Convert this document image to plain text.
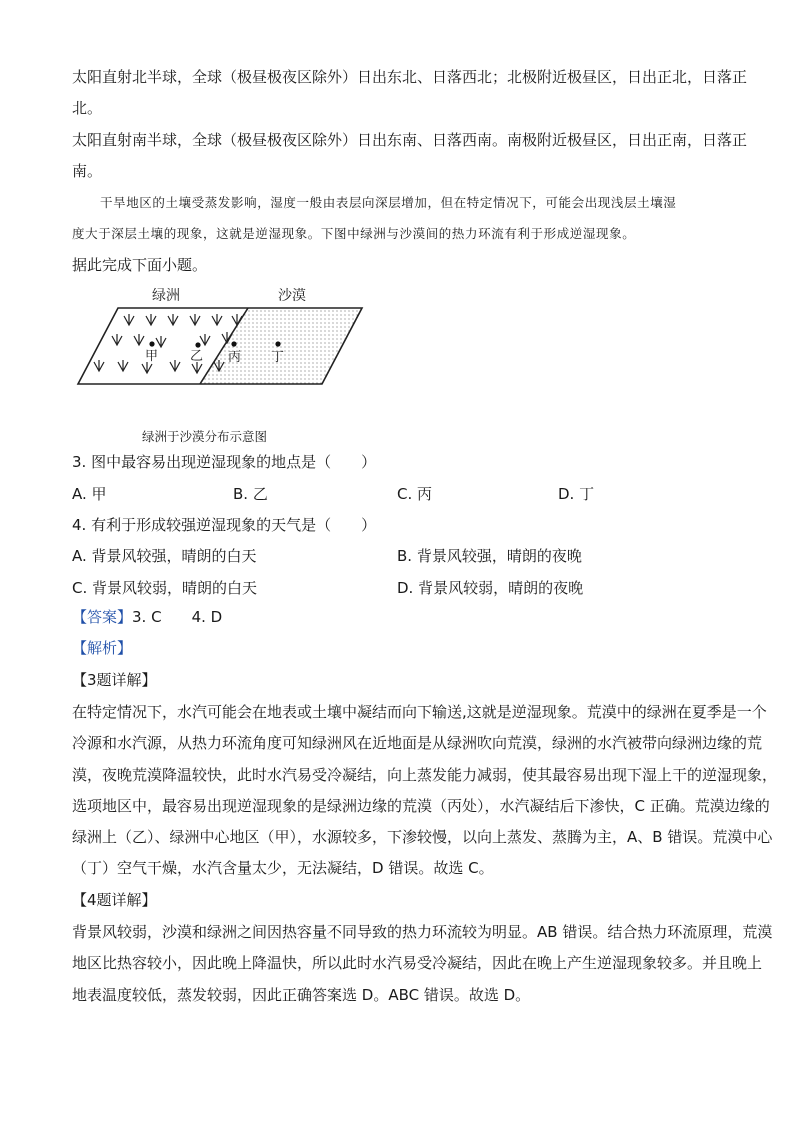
太阳直射北半球，全球（极昼极夜区除外）日出东北、日落西北；北极附近极昼区，日出正北，日落正
北。
太阳直射南半球，全球（极昼极夜区除外）日出东南、日落西南。南极附近极昼区，日出正南，日落正
南。
干旱地区的土壤受蒸发影响，湿度一般由表层向深层增加，但在特定情况下，可能会出现浅层土壤湿
度大于深层土壤的现象，这就是逆湿现象。下图中绿洲与沙漠间的热力环流有利于形成逆湿现象。
据此完成下面小题。
绿洲	沙漠
甲 乙 丙 丁
绿洲于沙漠分布示意图
3. 图中最容易出现逆湿现象的地点是（　　）
A. 甲	B. 乙	C. 丙	D. 丁
4. 有利于形成较强逆湿现象的天气是（　　）
A. 背景风较强，晴朗的白天	B. 背景风较强，晴朗的夜晚
C. 背景风较弱，晴朗的白天	D. 背景风较弱，晴朗的夜晚
【答案】3. C　　4. D
【解析】
【3题详解】
在特定情况下，水汽可能会在地表或土壤中凝结而向下输送,这就是逆湿现象。荒漠中的绿洲在夏季是一个
冷源和水汽源，从热力环流角度可知绿洲风在近地面是从绿洲吹向荒漠，绿洲的水汽被带向绿洲边缘的荒
漠，夜晚荒漠降温较快，此时水汽易受冷凝结，向上蒸发能力减弱，使其最容易出现下湿上干的逆湿现象，
选项地区中，最容易出现逆湿现象的是绿洲边缘的荒漠（丙处），水汽凝结后下渗快，C 正确。荒漠边缘的
绿洲上（乙）、绿洲中心地区（甲），水源较多，下渗较慢，以向上蒸发、蒸腾为主，A、B 错误。荒漠中心
（丁）空气干燥，水汽含量太少，无法凝结，D 错误。故选 C。
【4题详解】
背景风较弱，沙漠和绿洲之间因热容量不同导致的热力环流较为明显。AB 错误。结合热力环流原理，荒漠
地区比热容较小，因此晚上降温快，所以此时水汽易受冷凝结，因此在晚上产生逆湿现象较多。并且晚上
地表温度较低，蒸发较弱，因此正确答案选 D。ABC 错误。故选 D。
